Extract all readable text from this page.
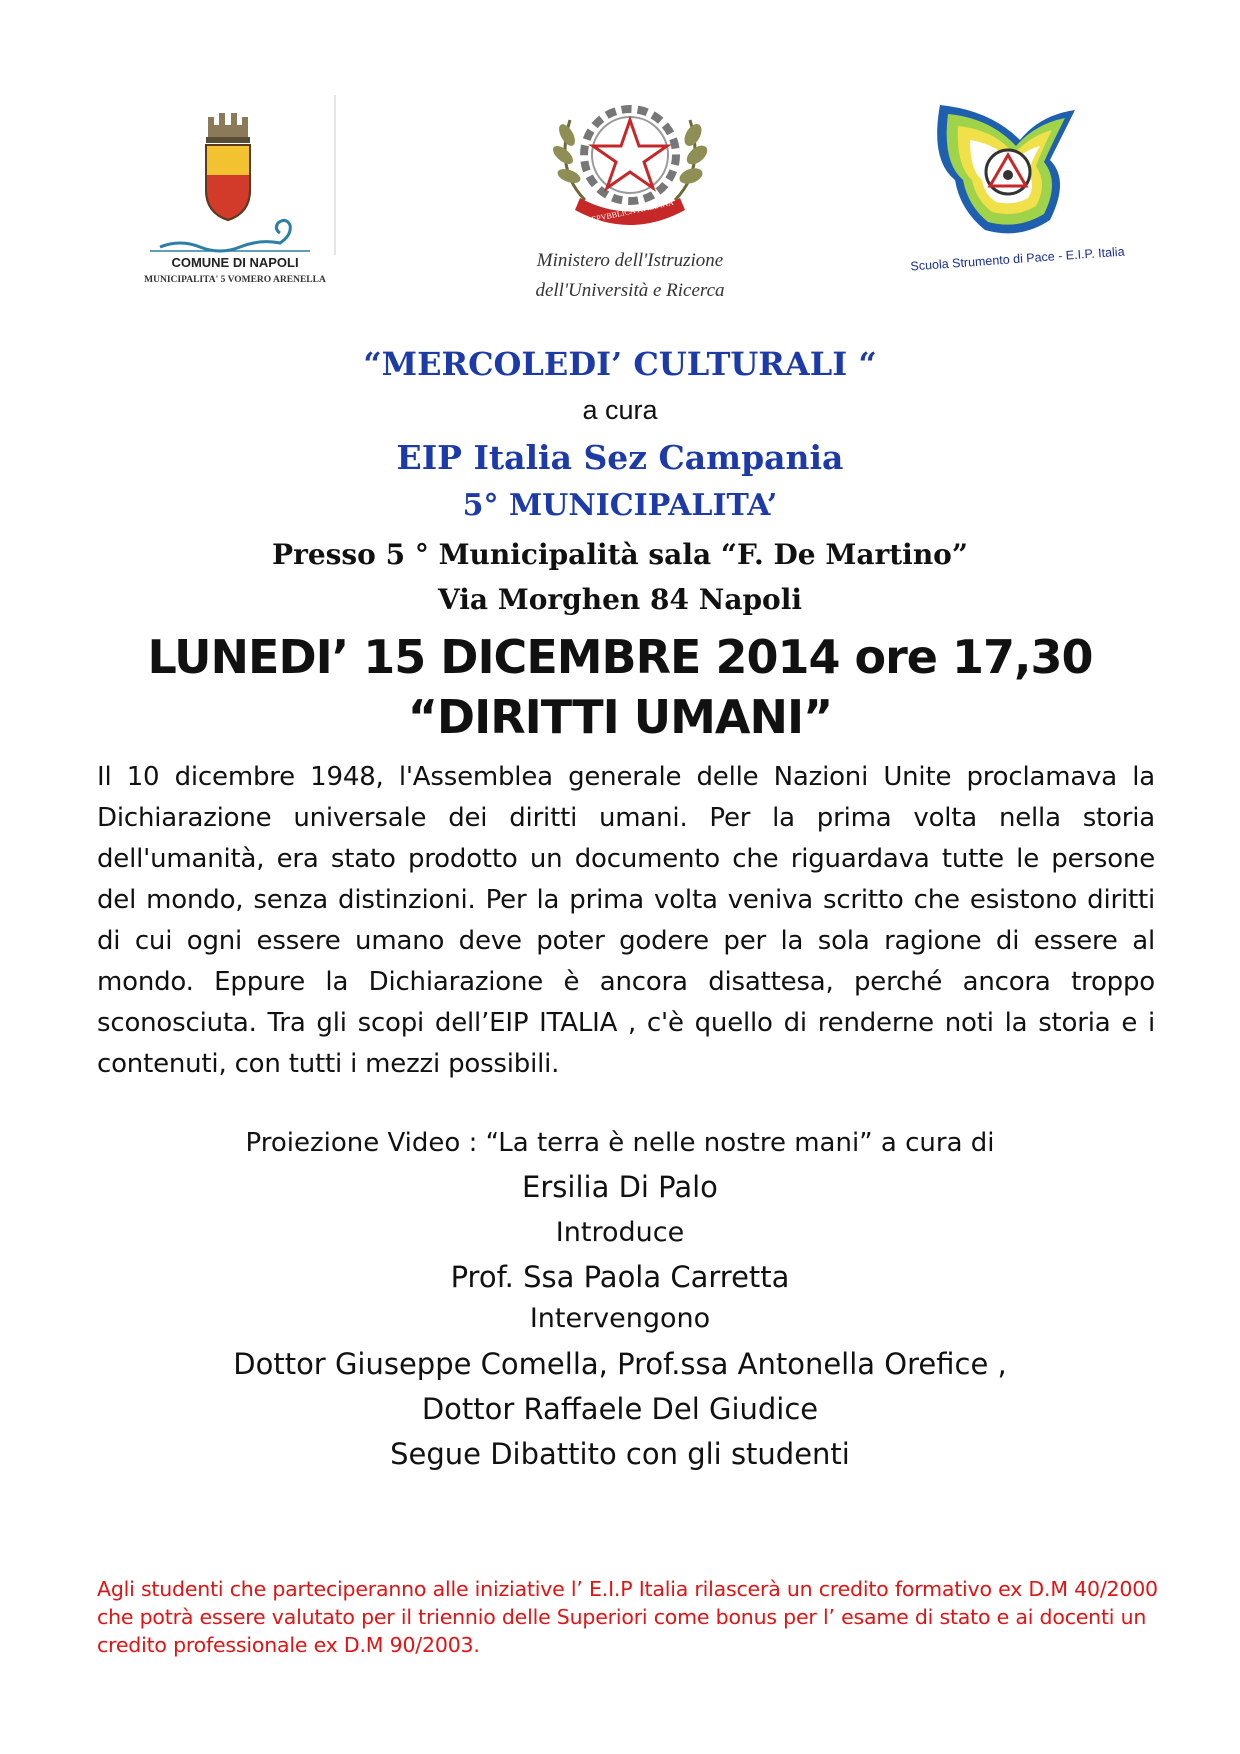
COMUNE DI NAPOLI
MUNICIPALITA' 5 VOMERO ARENELLA
REPVBBLICA ITALIANA
Ministero dell'Istruzione
dell'Università e Ricerca
Scuola Strumento di Pace - E.I.P. Italia
“MERCOLEDI’ CULTURALI “
a cura
EIP Italia Sez Campania
5° MUNICIPALITA’
Presso 5 ° Municipalità sala “F. De Martino”
Via Morghen 84 Napoli
LUNEDI’ 15 DICEMBRE 2014 ore 17,30
“DIRITTI UMANI”
Il 10 dicembre 1948, l'Assemblea generale delle Nazioni Unite proclamava la Dichiarazione universale dei diritti umani. Per la prima volta nella storia dell'umanità, era stato prodotto un documento che riguardava tutte le persone del mondo, senza distinzioni. Per la prima volta veniva scritto che esistono diritti di cui ogni essere umano deve poter godere per la sola ragione di essere al mondo. Eppure la Dichiarazione è ancora disattesa, perché ancora troppo sconosciuta. Tra gli scopi dell’EIP ITALIA , c'è quello di renderne noti la storia e i contenuti, con tutti i mezzi possibili.
Proiezione Video : “La terra è nelle nostre mani” a cura di
Ersilia Di Palo
Introduce
Prof. Ssa Paola Carretta
Intervengono
Dottor Giuseppe Comella, Prof.ssa Antonella Orefice ,
Dottor Raffaele Del Giudice
Segue Dibattito con gli studenti
Agli studenti che parteciperanno alle iniziative l’ E.I.P Italia rilascerà un credito formativo ex D.M 40/2000 che potrà essere valutato per il triennio delle Superiori come bonus per l’ esame di stato e ai docenti un credito professionale ex D.M 90/2003.
